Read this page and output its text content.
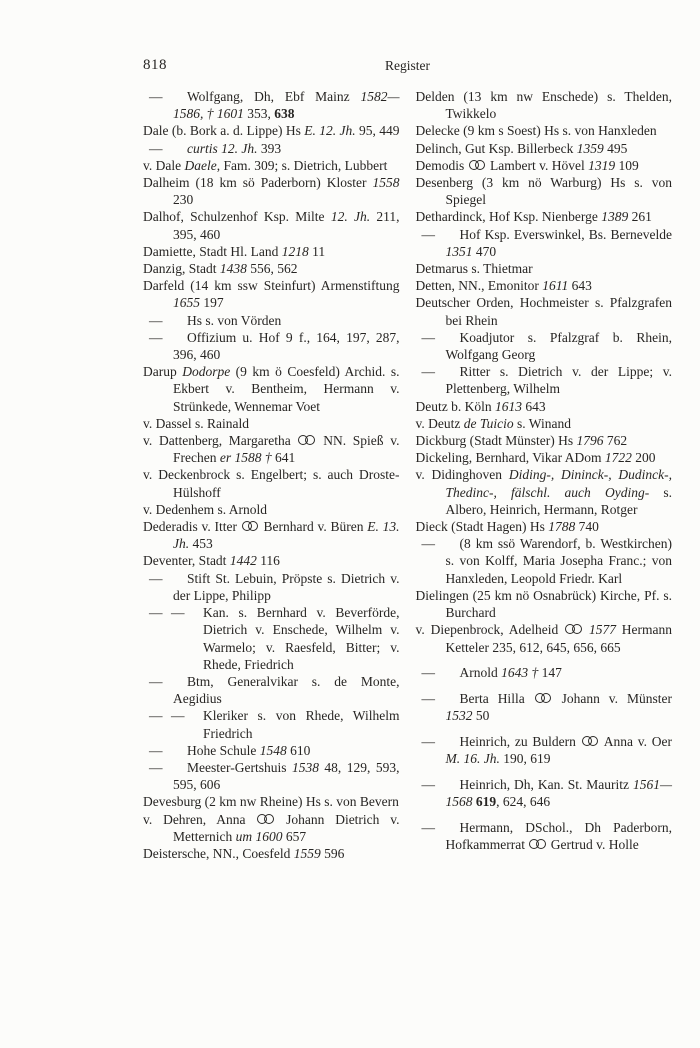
818	Register

— Wolfgang, Dh, Ebf Mainz 1582—1586, † 1601 353, 638

Dale (b. Bork a. d. Lippe) Hs E. 12. Jh. 95, 449

— curtis 12. Jh. 393

v. Dale Daele, Fam. 309; s. Dietrich, Lubbert

Dalheim (18 km sö Paderborn) Kloster 1558 230

Dalhof, Schulzenhof Ksp. Milte 12. Jh. 211, 395, 460

Damiette, Stadt Hl. Land 1218 11

Danzig, Stadt 1438 556, 562

Darfeld (14 km ssw Steinfurt) Armenstiftung 1655 197

— Hs s. von Vörden

— Offizium u. Hof 9 f., 164, 197, 287, 396, 460

Darup Dodorpe (9 km ö Coesfeld) Archid. s. Ekbert v. Bentheim, Hermann v. Strünkede, Wennemar Voet

v. Dassel s. Rainald

v. Dattenberg, Margaretha
NN. Spieß v. Frechen er 1588 † 641

v. Deckenbrock s. Engelbert; s. auch Droste-Hülshoff

v. Dedenhem s. Arnold

Dederadis v. Itter
Bernhard v. Büren E. 13. Jh. 453

Deventer, Stadt 1442 116

— Stift St. Lebuin, Pröpste s. Dietrich v. der Lippe, Philipp

— — Kan. s. Bernhard v. Beverförde, Dietrich v. Enschede, Wilhelm v. Warmelo; v. Raesfeld, Bitter; v. Rhede, Friedrich

— Btm, Generalvikar s. de Monte, Aegidius

— — Kleriker s. von Rhede, Wilhelm Friedrich

— Hohe Schule 1548 610

— Meester-Gertshuis 1538 48, 129, 593, 595, 606

Devesburg (2 km nw Rheine) Hs s. von Bevern

v. Dehren, Anna
Johann Dietrich v. Metternich um 1600 657

Deistersche, NN., Coesfeld 1559 596

Delden (13 km nw Enschede) s. Thelden, Twikkelo

Delecke (9 km s Soest) Hs s. von Hanxleden

Delinch, Gut Ksp. Billerbeck 1359 495

Demodis
Lambert v. Hövel 1319 109

Desenberg (3 km nö Warburg) Hs s. von Spiegel

Dethardinck, Hof Ksp. Nienberge 1389 261

— Hof Ksp. Everswinkel, Bs. Bernevelde 1351 470

Detmarus s. Thietmar

Detten, NN., Emonitor 1611 643

Deutscher Orden, Hochmeister s. Pfalzgrafen bei Rhein

— Koadjutor s. Pfalzgraf b. Rhein, Wolfgang Georg

— Ritter s. Dietrich v. der Lippe; v. Plettenberg, Wilhelm

Deutz b. Köln 1613 643

v. Deutz de Tuicio s. Winand

Dickburg (Stadt Münster) Hs 1796 762

Dickeling, Bernhard, Vikar ADom 1722 200

v. Didinghoven Diding-, Dininck-, Dudinck-, Thedinc-, fälschl. auch Oyding- s. Albero, Heinrich, Hermann, Rotger

Dieck (Stadt Hagen) Hs 1788 740

— (8 km ssö Warendorf, b. Westkirchen) s. von Kolff, Maria Josepha Franc.; von Hanxleden, Leopold Friedr. Karl

Dielingen (25 km nö Osnabrück) Kirche, Pf. s. Burchard

v. Diepenbrock, Adelheid
1577 Hermann Ketteler 235, 612, 645, 656, 665

— Arnold 1643 † 147

— Berta Hilla
Johann v. Münster 1532 50

— Heinrich, zu Buldern
Anna v. Oer M. 16. Jh. 190, 619

— Heinrich, Dh, Kan. St. Mauritz 1561—1568 619, 624, 646

— Hermann, DSchol., Dh Paderborn, Hofkammerrat
Gertrud v. Holle
